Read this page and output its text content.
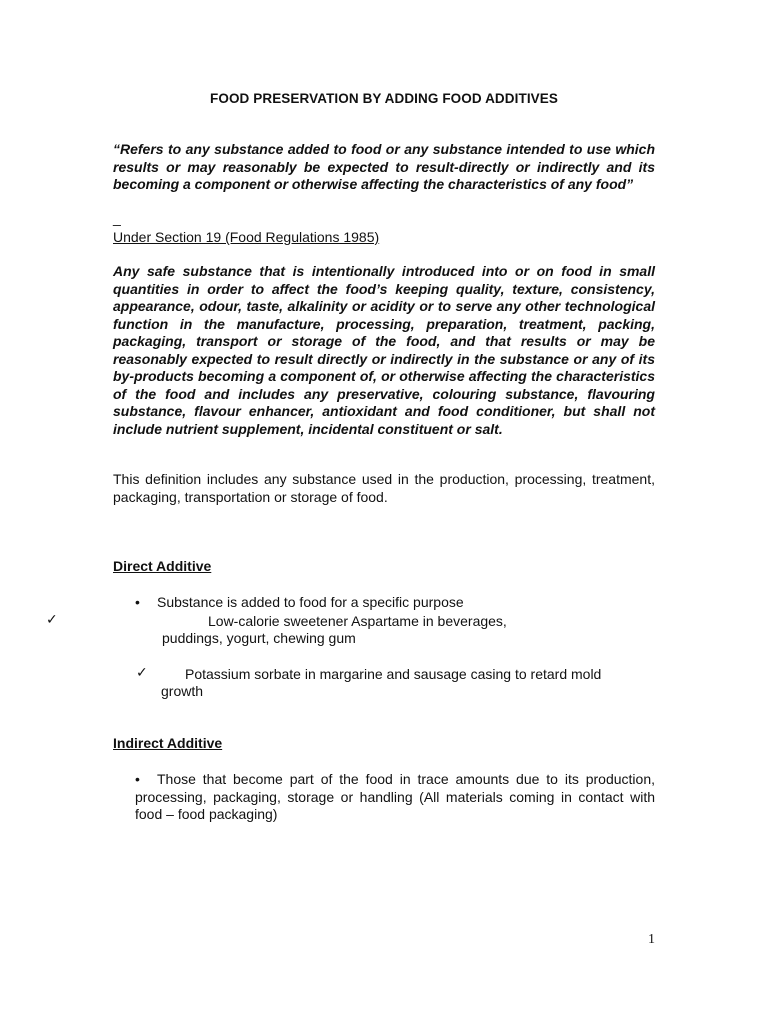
FOOD PRESERVATION BY ADDING FOOD ADDITIVES

“Refers to any substance added to food or any substance intended to use which results or may reasonably be expected to result-directly or indirectly and its becoming a component or otherwise affecting the characteristics of any food”

_
Under Section 19 (Food Regulations 1985)

Any safe substance that is intentionally introduced into or on food in small quantities in order to affect the food’s keeping quality, texture, consistency, appearance, odour, taste, alkalinity or acidity or to serve any other technological function in the manufacture, processing, preparation, treatment, packing, packaging, transport or storage of the food, and that results or may be reasonably expected to result directly or indirectly in the substance or any of its by-products becoming a component of, or otherwise affecting the characteristics of the food and includes any preservative, colouring substance, flavouring substance, flavour enhancer, antioxidant and food conditioner, but shall not include nutrient supplement, incidental constituent or salt.

This definition includes any substance used in the production, processing, treatment, packaging, transportation or storage of food.

Direct Additive
• Substance is added to food for a specific purpose
✓	Low-calorie sweetener Aspartame in beverages,
puddings, yogurt, chewing gum
✓	Potassium sorbate in margarine and sausage casing to retard mold
growth
Indirect Additive

• Those that become part of the food in trace amounts due to its production, processing, packaging, storage or handling (All materials coming in contact with food – food packaging)

1
